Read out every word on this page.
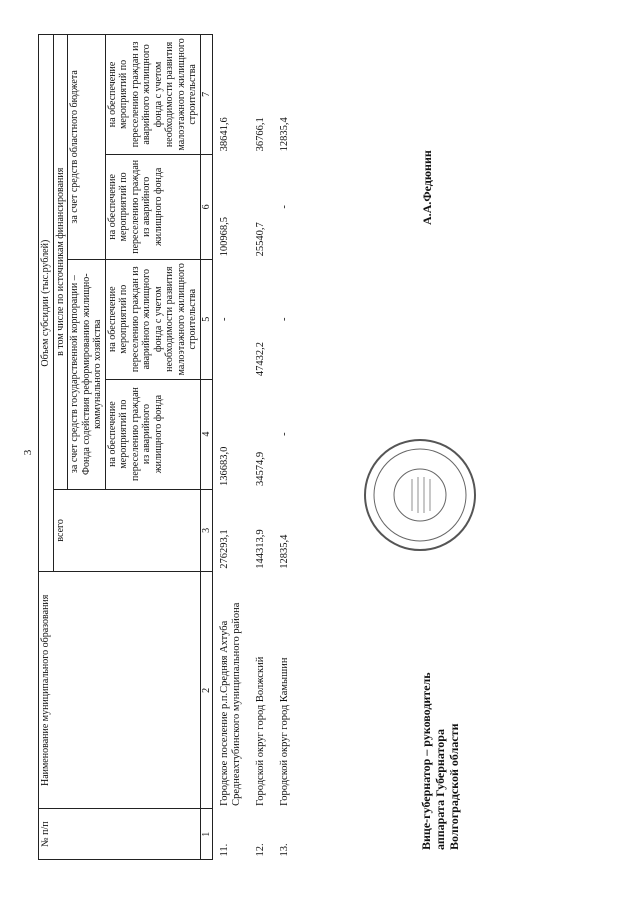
3
№ п/п	Наименование муниципального образования	Объем субсидии (тыс.рублей)				
		всего	в том числе по источникам финансирования			
			за счет средств государственной корпорации – Фонда содействия реформированию жилищно-коммунального хозяйства		за счет средств областного бюджета	
			на обеспечение мероприятий по переселению граждан из аварийного жилищного фонда	на обеспечение мероприятий по переселению граждан из аварийного жилищного фонда с учетом необходимости развития малоэтажного жилищного строительства	на обеспечение мероприятий по переселению граждан из аварийного жилищного фонда	на обеспечение мероприятий по переселению граждан из аварийного жилищного фонда с учетом необходимости развития малоэтажного жилищного строительства
1	2	3	4	5	6	7
11.	Городское поселение р.п.Средняя Ахтуба Среднеахтубинского муниципального района	276293,1	136683,0	-	100968,5	38641,6
12.	Городской округ город Волжский	144313,9	34574,9	47432,2	25540,7	36766,1
13.	Городской округ город Камышин	12835,4	-	-	-	12835,4
Вице-губернатор – руководитель аппарата Губернатора Волгоградской области
А.А.Федюнин
